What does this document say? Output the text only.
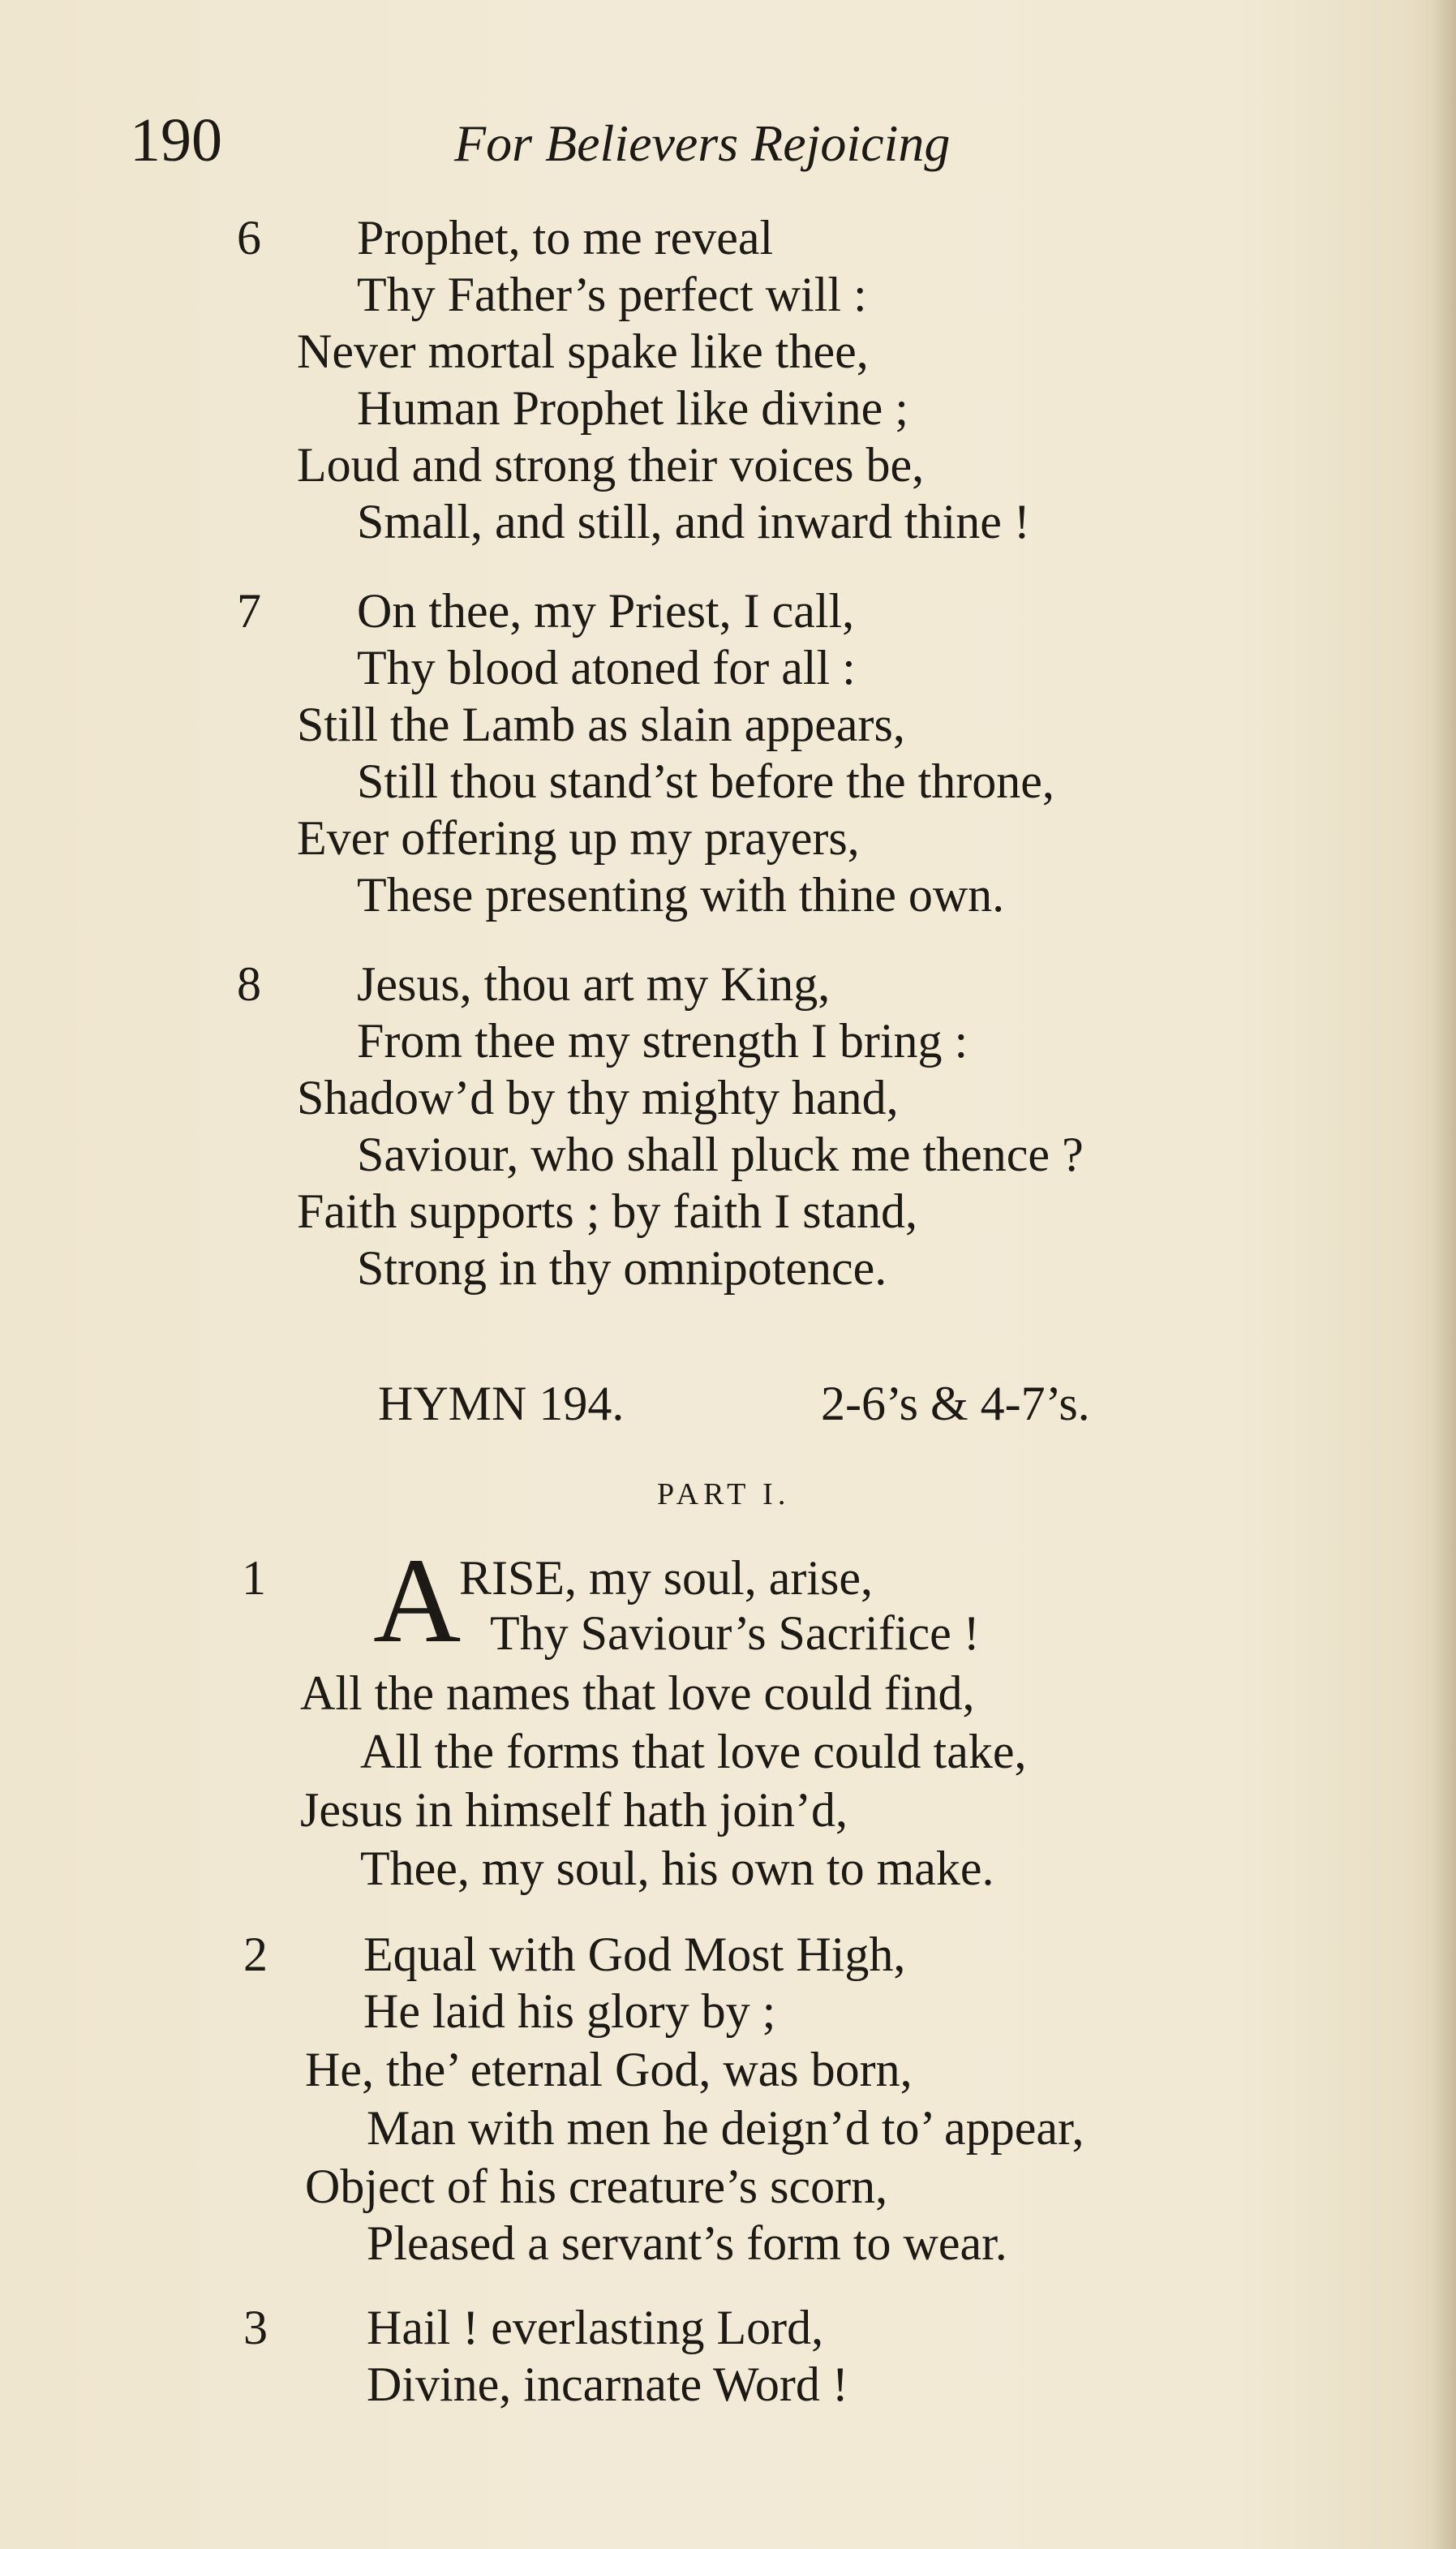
190	For Believers Rejoicing
6 Prophet, to me reveal
Thy Father’s perfect will :
Never mortal spake like thee,
Human Prophet like divine ;
Loud and strong their voices be,
Small, and still, and inward thine !
7 On thee, my Priest, I call,
Thy blood atoned for all :
Still the Lamb as slain appears,
Still thou stand’st before the throne,
Ever offering up my prayers,
These presenting with thine own.
8 Jesus, thou art my King,
From thee my strength I bring :
Shadow’d by thy mighty hand,
Saviour, who shall pluck me thence ?
Faith supports ; by faith I stand,
Strong in thy omnipotence.
HYMN 194.	2-6’s & 4-7’s.
PART I.
1 A
RISE, my soul, arise,
Thy Saviour’s Sacrifice !
All the names that love could find,
All the forms that love could take,
Jesus in himself hath join’d,
Thee, my soul, his own to make.
2 Equal with God Most High,
He laid his glory by ;
He, the’ eternal God, was born,
Man with men he deign’d to’ appear,
Object of his creature’s scorn,
Pleased a servant’s form to wear.
3 Hail ! everlasting Lord,
Divine, incarnate Word !
